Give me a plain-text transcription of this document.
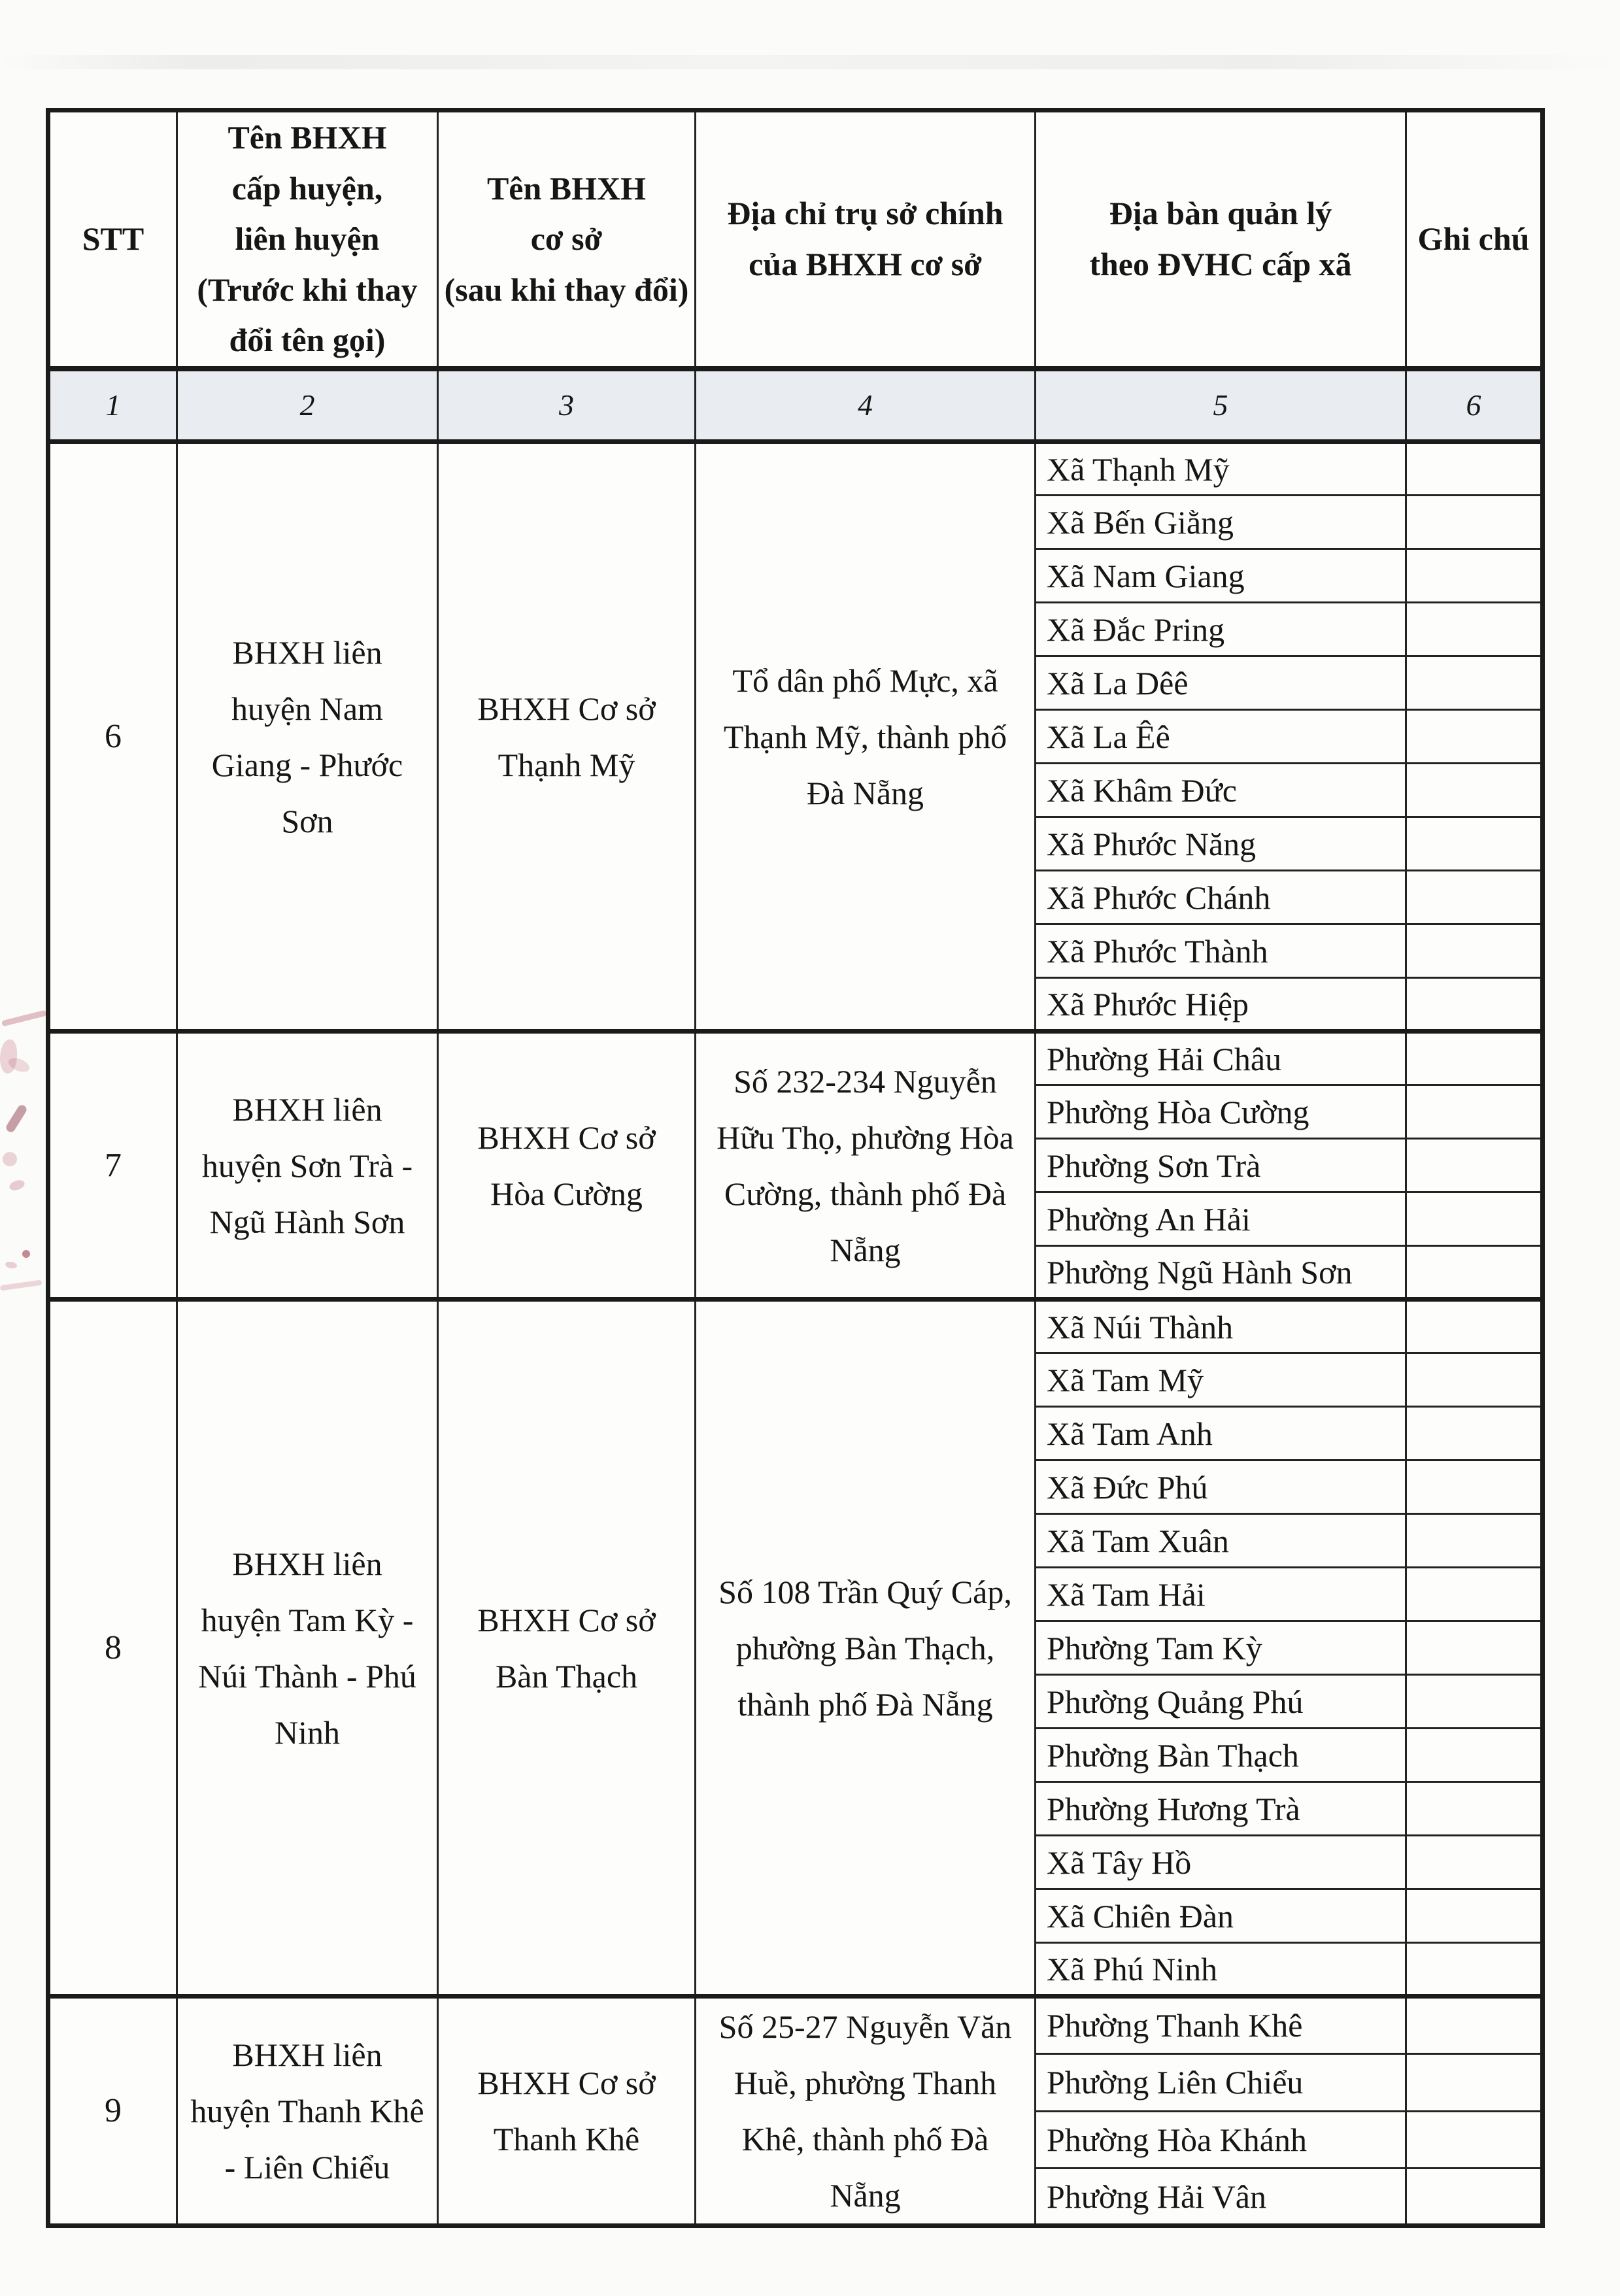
STT

Tên BHXH cấp huyện, liên huyện
(Trước khi thay đổi tên gọi)

Tên BHXH cơ sở
(sau khi thay đổi)

Địa chỉ trụ sở chính của BHXH cơ sở

Địa bàn quản lý theo ĐVHC cấp xã

Ghi chú

1	2	3	4	5	6
6	BHXH liên huyện Nam Giang - Phước Sơn	BHXH Cơ sở Thạnh Mỹ	Tổ dân phố Mực, xã Thạnh Mỹ, thành phố Đà Nẵng	Xã Thạnh Mỹ	
				Xã Bến Giằng	
				Xã Nam Giang	
				Xã Đắc Pring	
				Xã La Dêê	
				Xã La Êê	
				Xã Khâm Đức	
				Xã Phước Năng	
				Xã Phước Chánh	
				Xã Phước Thành	
				Xã Phước Hiệp	
7	BHXH liên huyện Sơn Trà - Ngũ Hành Sơn	BHXH Cơ sở Hòa Cường	Số 232-234 Nguyễn Hữu Thọ, phường Hòa Cường, thành phố Đà Nẵng	Phường Hải Châu	
				Phường Hòa Cường	
				Phường Sơn Trà	
				Phường An Hải	
				Phường Ngũ Hành Sơn	
8	BHXH liên huyện Tam Kỳ - Núi Thành - Phú Ninh	BHXH Cơ sở Bàn Thạch	Số 108 Trần Quý Cáp, phường Bàn Thạch, thành phố Đà Nẵng	Xã Núi Thành	
				Xã Tam Mỹ	
				Xã Tam Anh	
				Xã Đức Phú	
				Xã Tam Xuân	
				Xã Tam Hải	
				Phường Tam Kỳ	
				Phường Quảng Phú	
				Phường Bàn Thạch	
				Phường Hương Trà	
				Xã Tây Hồ	
				Xã Chiên Đàn	
				Xã Phú Ninh	
9	BHXH liên huyện Thanh Khê - Liên Chiểu	BHXH Cơ sở Thanh Khê	Số 25-27 Nguyễn Văn Huề, phường Thanh Khê, thành phố Đà Nẵng	Phường Thanh Khê	
				Phường Liên Chiểu	
				Phường Hòa Khánh	
				Phường Hải Vân	
